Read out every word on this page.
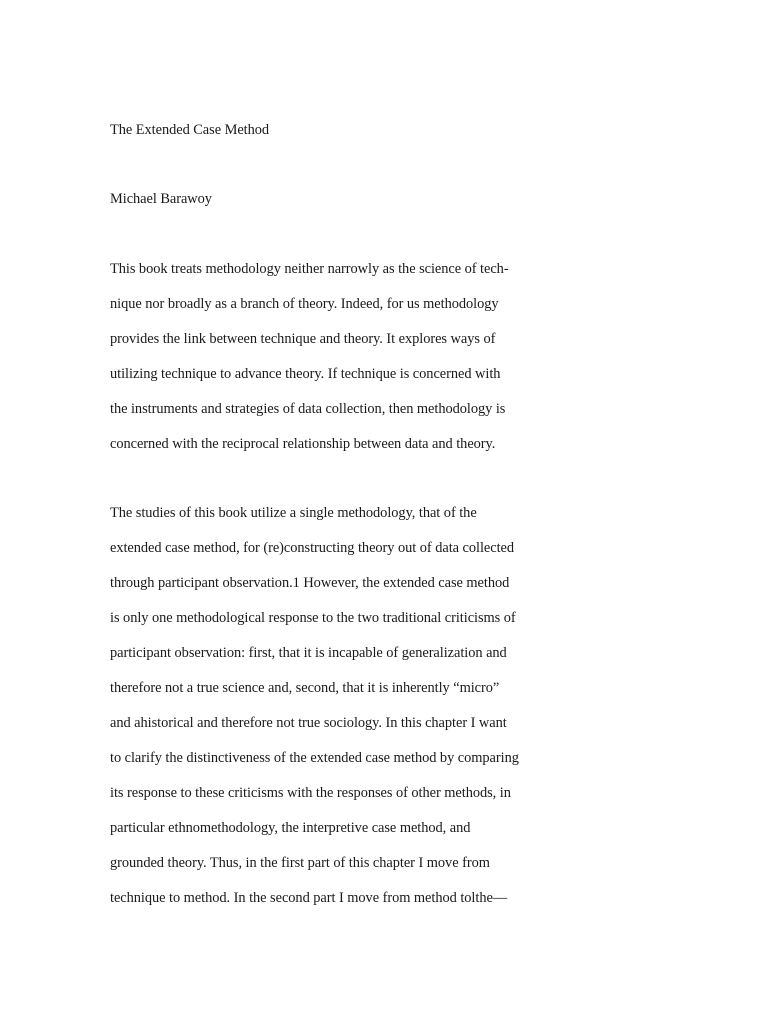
The Extended Case Method
Michael Barawoy
This book treats methodology neither narrowly as the science of tech-
nique nor broadly as a branch of theory. Indeed, for us methodology
provides the link between technique and theory. It explores ways of
utilizing technique to advance theory. If technique is concerned with
the instruments and strategies of data collection, then methodology is
concerned with the reciprocal relationship between data and theory.
The studies of this book utilize a single methodology, that of the
extended case method, for (re)constructing theory out of data collected
through participant observation.1 However, the extended case method
is only one methodological response to the two traditional criticisms of
participant observation: first, that it is incapable of generalization and
therefore not a true science and, second, that it is inherently “micro”
and ahistorical and therefore not true sociology. In this chapter I want
to clarify the distinctiveness of the extended case method by comparing
its response to these criticisms with the responses of other methods, in
particular ethnomethodology, the interpretive case method, and
grounded theory. Thus, in the first part of this chapter I move from
technique to method. In the second part I move from method tolthe—
